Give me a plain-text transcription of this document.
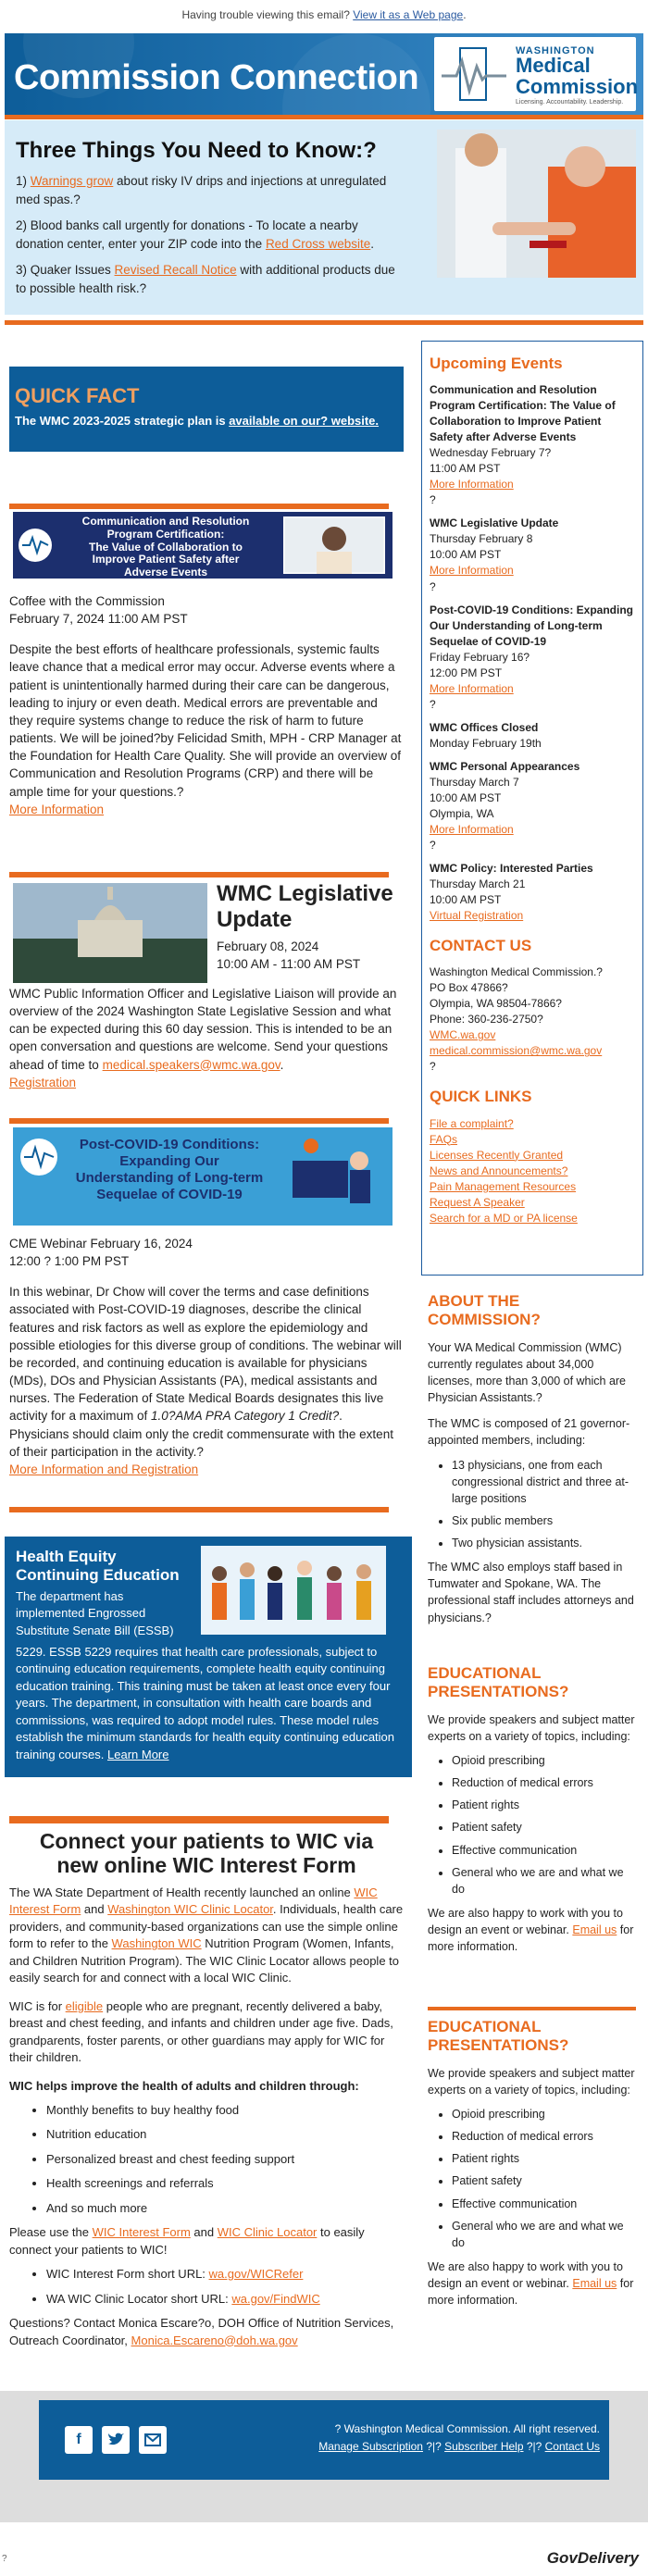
Having trouble viewing this email? View it as a Web page.
Commission Connection
WASHINGTON
Medical
Commission
Licensing. Accountability. Leadership.
Three Things You Need to Know:?

1) Warnings grow about risky IV drips and injections at unregulated med spas.?

2) Blood banks call urgently for donations - To locate a nearby donation center, enter your ZIP code into the Red Cross website.

3) Quaker Issues Revised Recall Notice with additional products due to possible health risk.?

QUICK FACT

The WMC 2023-2025 strategic plan is available on our? website.

Communication and Resolution
Program Certification:
The Value of Collaboration to
Improve Patient Safety after
Adverse Events
Coffee with the Commission
February 7, 2024 11:00 AM PST
Despite the best efforts of healthcare professionals, systemic faults leave chance that a medical error may occur. Adverse events where a patient is unintentionally harmed during their care can be dangerous, leading to injury or even death. Medical errors are preventable and they require systems change to reduce the risk of harm to future patients. We will be joined?by Felicidad Smith, MPH - CRP Manager at the Foundation for Health Care Quality. She will provide an overview of Communication and Resolution Programs (CRP) and there will be ample time for your questions.?
More Information
WMC Legislative
Update
February 08, 2024
10:00 AM - 11:00 AM PST
WMC Public Information Officer and Legislative Liaison will provide an overview of the 2024 Washington State Legislative Session and what can be expected during this 60 day session. This is intended to be an open conversation and questions are welcome. Send your questions ahead of time to medical.speakers@wmc.wa.gov.
Registration
Post-COVID-19 Conditions:
Expanding Our
Understanding of Long-term
Sequelae of COVID-19
CME Webinar February 16, 2024
12:00 ? 1:00 PM PST
In this webinar, Dr Chow will cover the terms and case definitions associated with Post-COVID-19 diagnoses, describe the clinical features and risk factors as well as explore the epidemiology and possible etiologies for this diverse group of conditions. The webinar will be recorded, and continuing education is available for physicians (MDs), DOs and Physician Assistants (PA), medical assistants and nurses. The Federation of State Medical Boards designates this live activity for a maximum of 1.0?AMA PRA Category 1 Credit?. Physicians should claim only the credit commensurate with the extent of their participation in the activity.?
More Information and Registration
Health Equity
Continuing Education

The department has
implemented Engrossed
Substitute Senate Bill (ESSB)

5229. ESSB 5229 requires that health care professionals, subject to continuing education requirements, complete health equity continuing education training. This training must be taken at least once every four years. The department, in consultation with health care boards and commissions, was required to adopt model rules. These model rules establish the minimum standards for health equity continuing education training courses. Learn More

Connect your patients to WIC via
new online WIC Interest Form
The WA State Department of Health recently launched an online WIC Interest Form and Washington WIC Clinic Locator. Individuals, health care providers, and community-based organizations can use the simple online form to refer to the Washington WIC Nutrition Program (Women, Infants, and Children Nutrition Program). The WIC Clinic Locator allows people to easily search for and connect with a local WIC Clinic.
WIC is for eligible people who are pregnant, recently delivered a baby, breast and chest feeding, and infants and children under age five. Dads, grandparents, foster parents, or other guardians may apply for WIC for their children.
WIC helps improve the health of adults and children through:
• Monthly benefits to buy healthy food
• Nutrition education
• Personalized breast and chest feeding support
• Health screenings and referrals
• And so much more
Please use the WIC Interest Form and WIC Clinic Locator to easily connect your patients to WIC!
• WIC Interest Form short URL: wa.gov/WICRefer
• WA WIC Clinic Locator short URL: wa.gov/FindWIC
Questions? Contact Monica Escare?o, DOH Office of Nutrition Services, Outreach Coordinator, Monica.Escareno@doh.wa.gov
Upcoming Events
Communication and Resolution Program Certification: The Value of Collaboration to Improve Patient Safety after Adverse Events
Wednesday February 7?
11:00 AM PST
More Information
?
WMC Legislative Update
Thursday February 8
10:00 AM PST
More Information
?
Post-COVID-19 Conditions: Expanding Our Understanding of Long-term Sequelae of COVID-19
Friday February 16?
12:00 PM PST
More Information
?
WMC Offices Closed
Monday February 19th
WMC Personal Appearances
Thursday March 7
10:00 AM PST
Olympia, WA
More Information
?
WMC Policy: Interested Parties
Thursday March 21
10:00 AM PST
Virtual Registration
CONTACT US
Washington Medical Commission.?
PO Box 47866?
Olympia, WA 98504-7866?
Phone: 360-236-2750?
WMC.wa.gov
medical.commission@wmc.wa.gov
?
QUICK LINKS
File a complaint?
FAQs
Licenses Recently Granted
News and Announcements?
Pain Management Resources
Request A Speaker
Search for a MD or PA license
ABOUT THE COMMISSION?
Your WA Medical Commission (WMC) currently regulates about 34,000 licenses, more than 3,000 of which are Physician Assistants.?
The WMC is composed of 21 governor-appointed members, including:
• 13 physicians, one from each congressional district and three at-large positions
• Six public members
• Two physician assistants.
The WMC also employs staff based in Tumwater and Spokane, WA. The professional staff includes attorneys and physicians.?
EDUCATIONAL PRESENTATIONS?
We provide speakers and subject matter experts on a variety of topics, including:
• Opioid prescribing
• Reduction of medical errors
• Patient rights
• Patient safety
• Effective communication
• General who we are and what we do
We are also happy to work with you to design an event or webinar. Email us for more information.
EDUCATIONAL PRESENTATIONS?
We provide speakers and subject matter experts on a variety of topics, including:
• Opioid prescribing
• Reduction of medical errors
• Patient rights
• Patient safety
• Effective communication
• General who we are and what we do
We are also happy to work with you to design an event or webinar. Email us for more information.
f
? Washington Medical Commission. All right reserved.
Manage Subscription ?|? Subscriber Help ?|? Contact Us
?	GovDelivery
